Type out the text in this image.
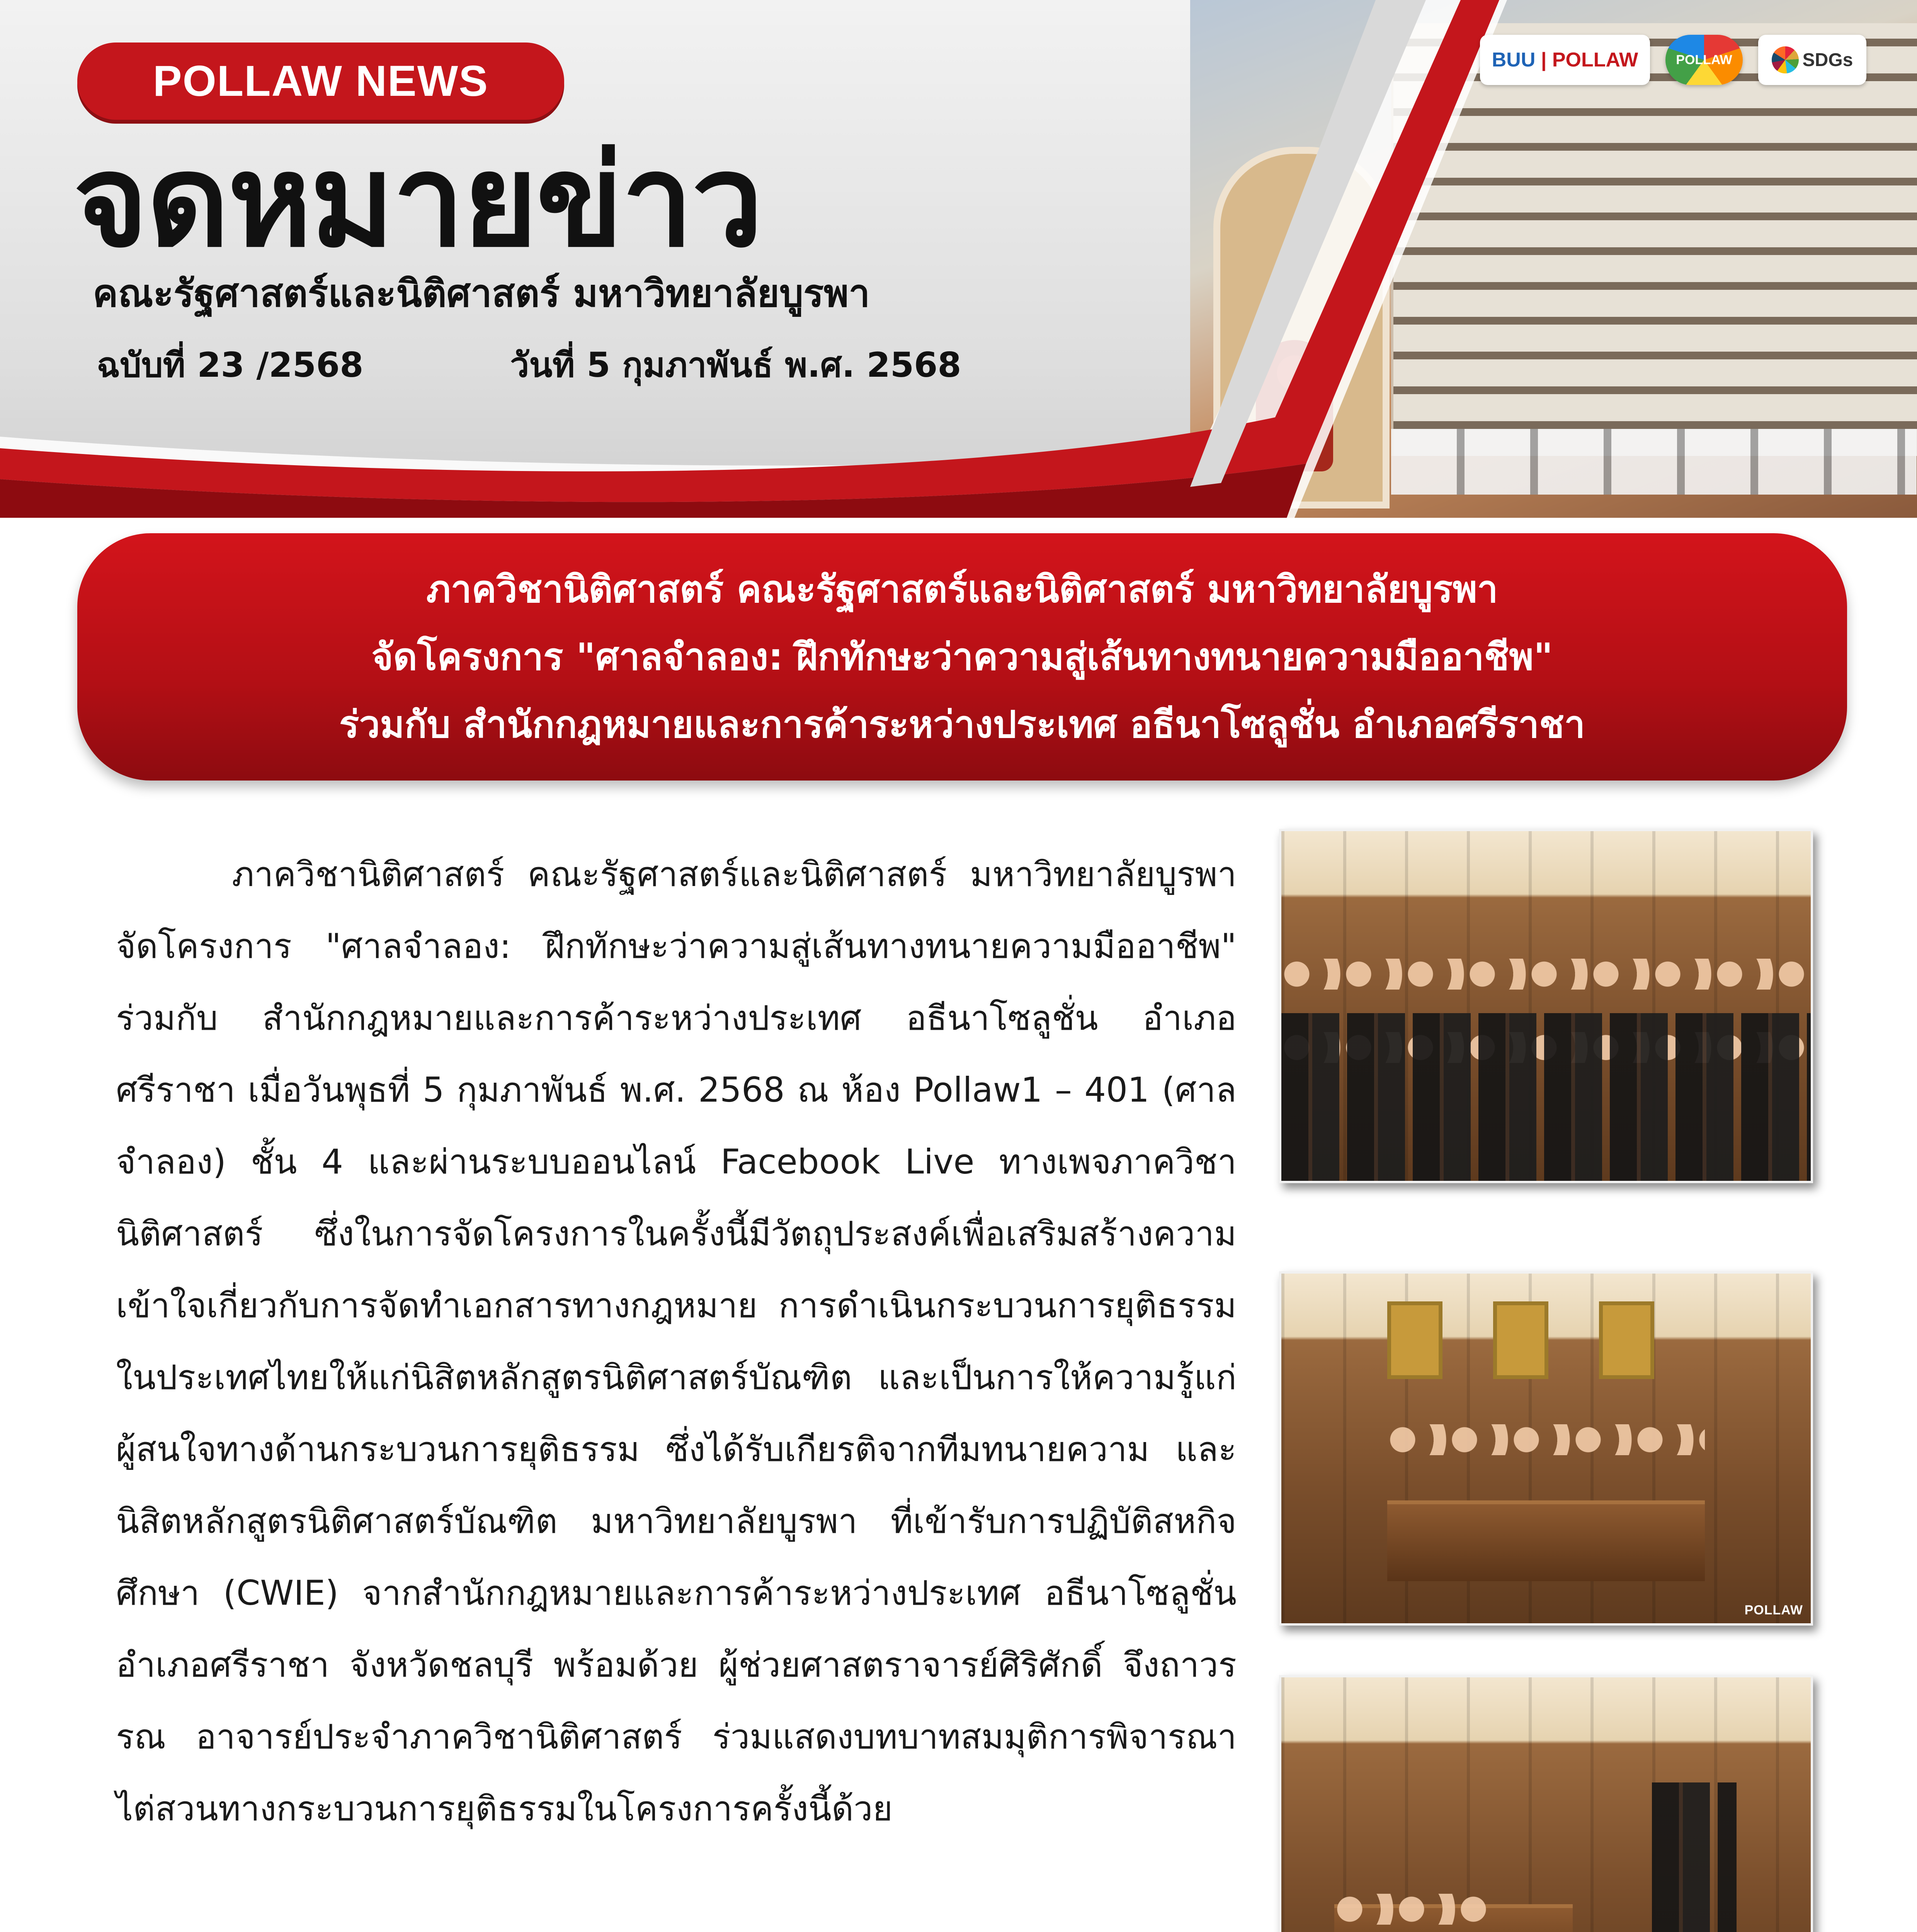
POLLAW NEWS
จดหมายข่าว
คณะรัฐศาสตร์และนิติศาสตร์ มหาวิทยาลัยบูรพา
ฉบับที่ 23 /2568	วันที่ 5 กุมภาพันธ์ พ.ศ. 2568
BUU | POLLAW	POLLAW	SDGs
ภาควิชานิติศาสตร์ คณะรัฐศาสตร์และนิติศาสตร์ มหาวิทยาลัยบูรพา
จัดโครงการ "ศาลจำลอง: ฝึกทักษะว่าความสู่เส้นทางทนายความมืออาชีพ"
ร่วมกับ สำนักกฎหมายและการค้าระหว่างประเทศ อธีนาโซลูชั่น อำเภอศรีราชา
ภาควิชานิติศาสตร์ คณะรัฐศาสตร์และนิติศาสตร์ มหาวิทยาลัยบูรพา จัดโครงการ "ศาลจำลอง: ฝึกทักษะว่าความสู่เส้นทางทนายความมืออาชีพ" ร่วมกับ สำนักกฎหมายและการค้าระหว่างประเทศ อธีนาโซลูชั่น อำเภอศรีราชา เมื่อวันพุธที่ 5 กุมภาพันธ์ พ.ศ. 2568 ณ ห้อง Pollaw1 – 401 (ศาลจำลอง) ชั้น 4 และผ่านระบบออนไลน์ Facebook Live ทางเพจภาควิชานิติศาสตร์ ซึ่งในการจัดโครงการในครั้งนี้มีวัตถุประสงค์เพื่อเสริมสร้างความเข้าใจเกี่ยวกับการจัดทำเอกสารทางกฎหมาย การดำเนินกระบวนการยุติธรรมในประเทศไทยให้แก่นิสิตหลักสูตรนิติศาสตร์บัณฑิต และเป็นการให้ความรู้แก่ผู้สนใจทางด้านกระบวนการยุติธรรม ซึ่งได้รับเกียรติจากทีมทนายความ และนิสิตหลักสูตรนิติศาสตร์บัณฑิต มหาวิทยาลัยบูรพา ที่เข้ารับการปฏิบัติสหกิจศึกษา (CWIE) จากสำนักกฎหมายและการค้าระหว่างประเทศ อธีนาโซลูชั่น อำเภอศรีราชา จังหวัดชลบุรี พร้อมด้วย ผู้ช่วยศาสตราจารย์ศิริศักดิ์ จึงถาวรรณ อาจารย์ประจำภาควิชานิติศาสตร์ ร่วมแสดงบทบาทสมมุติการพิจารณาไต่สวนทางกระบวนการยุติธรรมในโครงการครั้งนี้ด้วย
POLLAW
